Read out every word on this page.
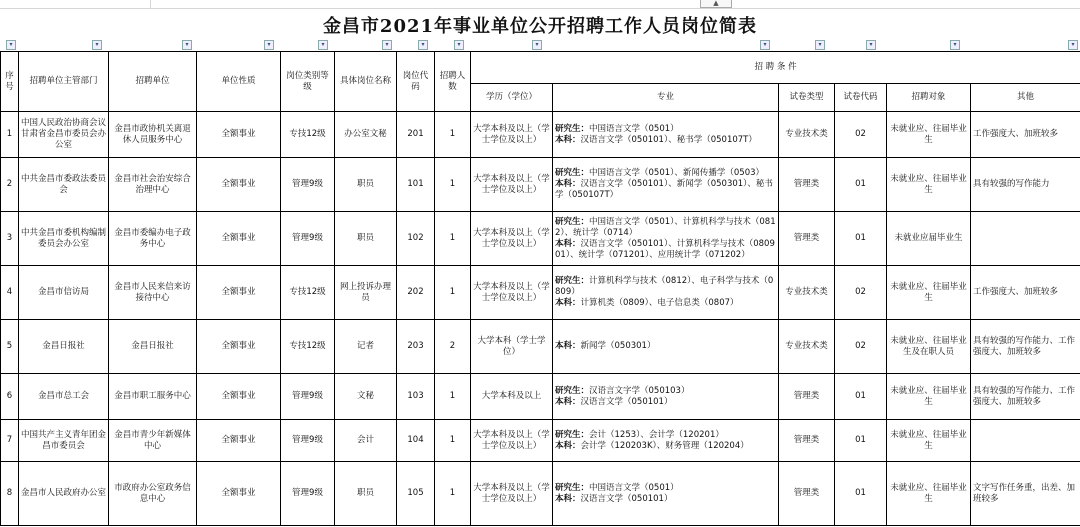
▲
金昌市2021年事业单位公开招聘工作人员岗位简表
▾	▾	▾	▾	▾	▾	▾	▾	▾	▾	▾	▾	▾	▾
序号	招聘单位主管部门	招聘单位	单位性质	岗位类别等级	具体岗位名称	岗位代码	招聘人数	招 聘 条 件					
								学历（学位）	专业	试卷类型	试卷代码	招聘对象	其他
1	中国人民政治协商会议甘肃省金昌市委员会办公室	金昌市政协机关离退休人员服务中心	全额事业	专技12级	办公室文秘	201	1	大学本科及以上（学士学位及以上）	研究生：中国语言文学（0501）
本科：汉语言文学（050101）、秘书学（050107T）	专业技术类	02	未就业应、往届毕业生	工作强度大、加班较多
2	中共金昌市委政法委员会	金昌市社会治安综合治理中心	全额事业	管理9级	职员	101	1	大学本科及以上（学士学位及以上）	研究生：中国语言文学（0501）、新闻传播学（0503）
本科：汉语言文学（050101）、新闻学（050301）、秘书学（050107T）	管理类	01	未就业应、往届毕业生	具有较强的写作能力
3	中共金昌市委机构编制委员会办公室	金昌市委编办电子政务中心	全额事业	管理9级	职员	102	1	大学本科及以上（学士学位及以上）	研究生：中国语言文学（0501）、计算机科学与技术（0812）、统计学（0714）
本科：汉语言文学（050101）、计算机科学与技术（080901）、统计学（071201）、应用统计学（071202）	管理类	01	未就业应届毕业生	
4	金昌市信访局	金昌市人民来信来访接待中心	全额事业	专技12级	网上投诉办理员	202	1	大学本科及以上（学士学位及以上）	研究生：计算机科学与技术（0812）、电子科学与技术（0809）
本科：计算机类（0809）、电子信息类（0807）	专业技术类	02	未就业应、往届毕业生	工作强度大、加班较多
5	金昌日报社	金昌日报社	全额事业	专技12级	记者	203	2	大学本科（学士学位）	本科：新闻学（050301）	专业技术类	02	未就业应、往届毕业生及在职人员	具有较强的写作能力、工作强度大、加班较多
6	金昌市总工会	金昌市职工服务中心	全额事业	管理9级	文秘	103	1	大学本科及以上	研究生：汉语言文字学（050103）
本科：汉语言文学（050101）	管理类	01	未就业应、往届毕业生	具有较强的写作能力、工作强度大、加班较多
7	中国共产主义青年团金昌市委员会	金昌市青少年新媒体中心	全额事业	管理9级	会计	104	1	大学本科及以上（学士学位及以上）	研究生：会计（1253）、会计学（120201）
本科：会计学（120203K）、财务管理（120204）	管理类	01	未就业应、往届毕业生	
8	金昌市人民政府办公室	市政府办公室政务信息中心	全额事业	管理9级	职员	105	1	大学本科及以上（学士学位及以上）	研究生：中国语言文学（0501）
本科：汉语言文学（050101）	管理类	01	未就业应、往届毕业生	文字写作任务重，出差、加班较多
